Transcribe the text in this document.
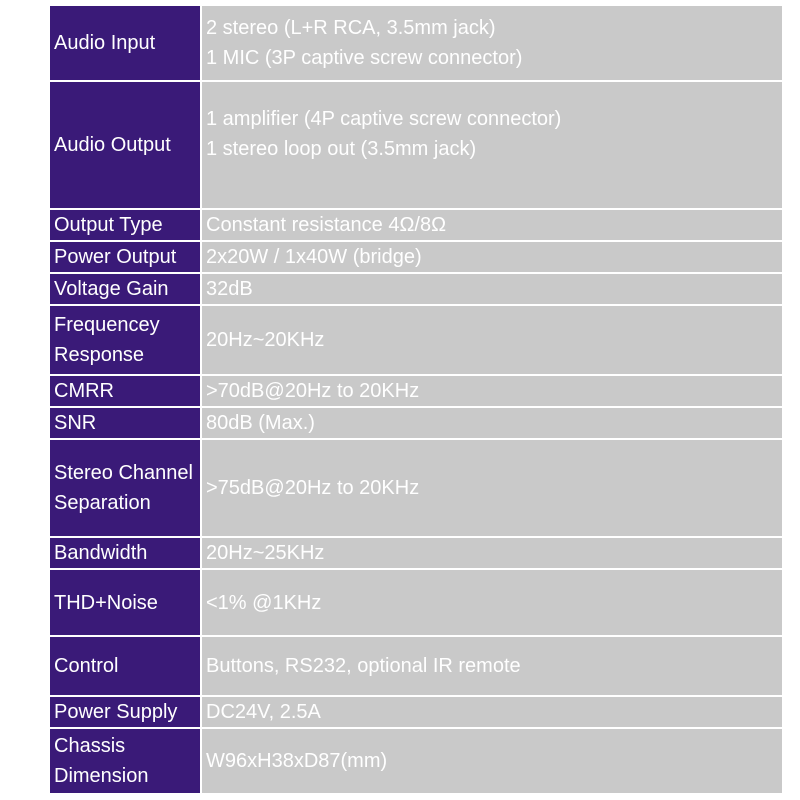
Audio Input	2 stereo (L+R RCA, 3.5mm jack)
1 MIC (3P captive screw connector)

Audio Output	1 amplifier (4P captive screw connector)
1 stereo loop out (3.5mm jack)

Output Type	Constant resistance 4Ω/8Ω

Power Output	2x20W / 1x40W (bridge)

Voltage Gain	32dB

Frequencey Response	20Hz~20KHz

CMRR	>70dB@20Hz to 20KHz

SNR	80dB (Max.)

Stereo Channel Separation	>75dB@20Hz to 20KHz

Bandwidth	20Hz~25KHz

THD+Noise	<1% @1KHz

Control	Buttons, RS232, optional IR remote

Power Supply	DC24V, 2.5A

Chassis Dimension	W96xH38xD87(mm)
